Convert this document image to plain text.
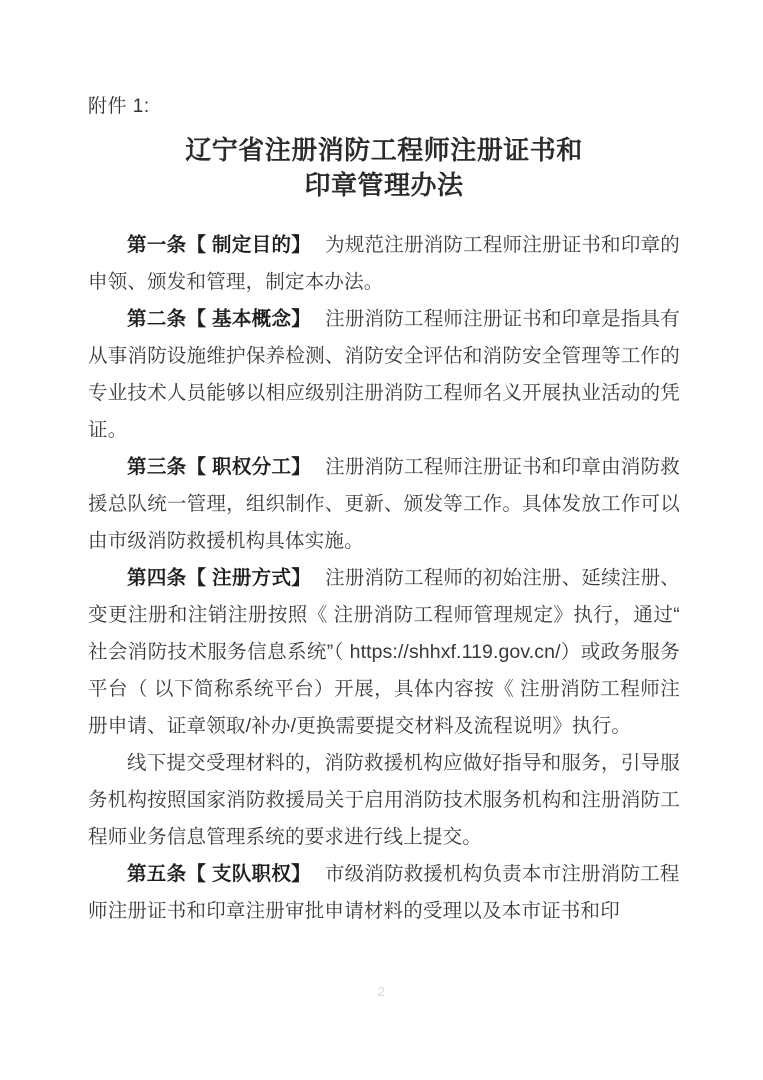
附件 1:

辽宁省注册消防工程师注册证书和
印章管理办法

第一条【 制定目的】 为规范注册消防工程师注册证书和印章的申领、颁发和管理，制定本办法。

第二条【 基本概念】 注册消防工程师注册证书和印章是指具有从事消防设施维护保养检测、消防安全评估和消防安全管理等工作的专业技术人员能够以相应级别注册消防工程师名义开展执业活动的凭证。

第三条【 职权分工】 注册消防工程师注册证书和印章由消防救援总队统一管理，组织制作、更新、颁发等工作。具体发放工作可以由市级消防救援机构具体实施。

第四条【 注册方式】 注册消防工程师的初始注册、延续注册、变更注册和注销注册按照《 注册消防工程师管理规定》执行，通过“ 社会消防技术服务信息系统”（ https://shhxf.119.gov.cn/）或政务服务平台（ 以下简称系统平台）开展，具体内容按《 注册消防工程师注册申请、证章领取/补办/更换需要提交材料及流程说明》执行。

线下提交受理材料的，消防救援机构应做好指导和服务，引导服务机构按照国家消防救援局关于启用消防技术服务机构和注册消防工程师业务信息管理系统的要求进行线上提交。

第五条【 支队职权】 市级消防救援机构负责本市注册消防工程师注册证书和印章注册审批申请材料的受理以及本市证书和印

2
